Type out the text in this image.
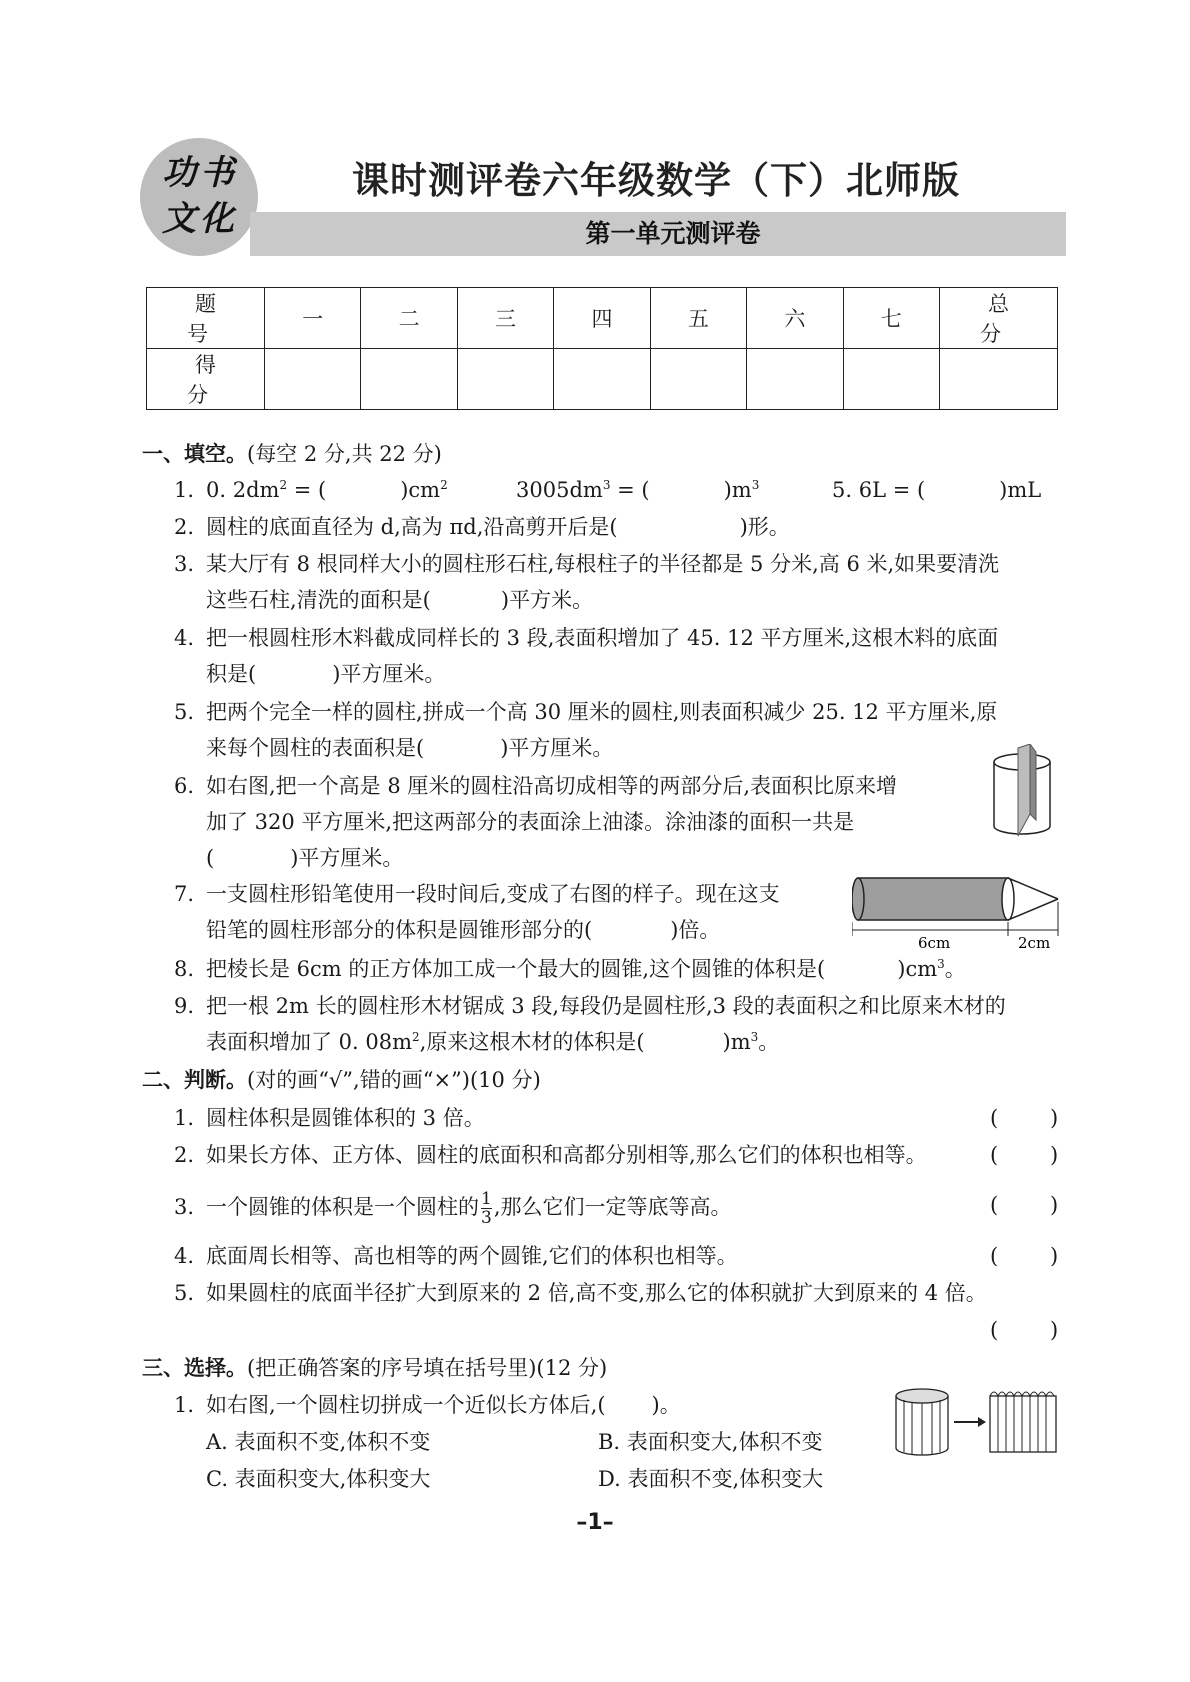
功书
文化
课时测评卷六年级数学（下）北师版
第一单元测评卷
题　号	一	二	三	四	五	六	七	总　分
得　分								
一、填空。(每空 2 分,共 22 分)
1. 0. $2dm^2$ = (	)$cm^2$	$3005dm^3$ = (	)$m^3$	5. 6L = (	)mL
2. 圆柱的底面直径为 d,高为 πd,沿高剪开后是(	)形。
3. 某大厅有 8 根同样大小的圆柱形石柱,每根柱子的半径都是 5 分米,高 6 米,如果要清洗
这些石柱,清洗的面积是(	)平方米。
4. 把一根圆柱形木料截成同样长的 3 段,表面积增加了 45. 12 平方厘米,这根木料的底面
积是(	)平方厘米。
5. 把两个完全一样的圆柱,拼成一个高 30 厘米的圆柱,则表面积减少 25. 12 平方厘米,原
来每个圆柱的表面积是(	)平方厘米。
6. 如右图,把一个高是 8 厘米的圆柱沿高切成相等的两部分后,表面积比原来增
加了 320 平方厘米,把这两部分的表面涂上油漆。涂油漆的面积一共是
(	)平方厘米。
7. 一支圆柱形铅笔使用一段时间后,变成了右图的样子。现在这支
铅笔的圆柱形部分的体积是圆锥形部分的(	)倍。
6cm	2cm
8. 把棱长是 6cm 的正方体加工成一个最大的圆锥,这个圆锥的体积是(	)$cm^3$。
9. 把一根 2m 长的圆柱形木材锯成 3 段,每段仍是圆柱形,3 段的表面积之和比原来木材的
表面积增加了 0. $08m^2$,原来这根木材的体积是(	)$m^3$。
二、判断。(对的画“√”,错的画“×”)(10 分)
1. 圆柱体积是圆锥体积的 3 倍。	( )
2. 如果长方体、正方体、圆柱的底面积和高都分别相等,那么它们的体积也相等。	( )
3. 一个圆锥的体积是一个圆柱的 $\frac{1}{3}$ ,那么它们一定等底等高。	( )
4. 底面周长相等、高也相等的两个圆锥,它们的体积也相等。	( )
5. 如果圆柱的底面半径扩大到原来的 2 倍,高不变,那么它的体积就扩大到原来的 4 倍。
( )
三、选择。(把正确答案的序号填在括号里)(12 分)
1. 如右图,一个圆柱切拼成一个近似长方体后,( )。
A. 表面积不变,体积不变	B. 表面积变大,体积不变
C. 表面积变大,体积变大	D. 表面积不变,体积变大
–1–
